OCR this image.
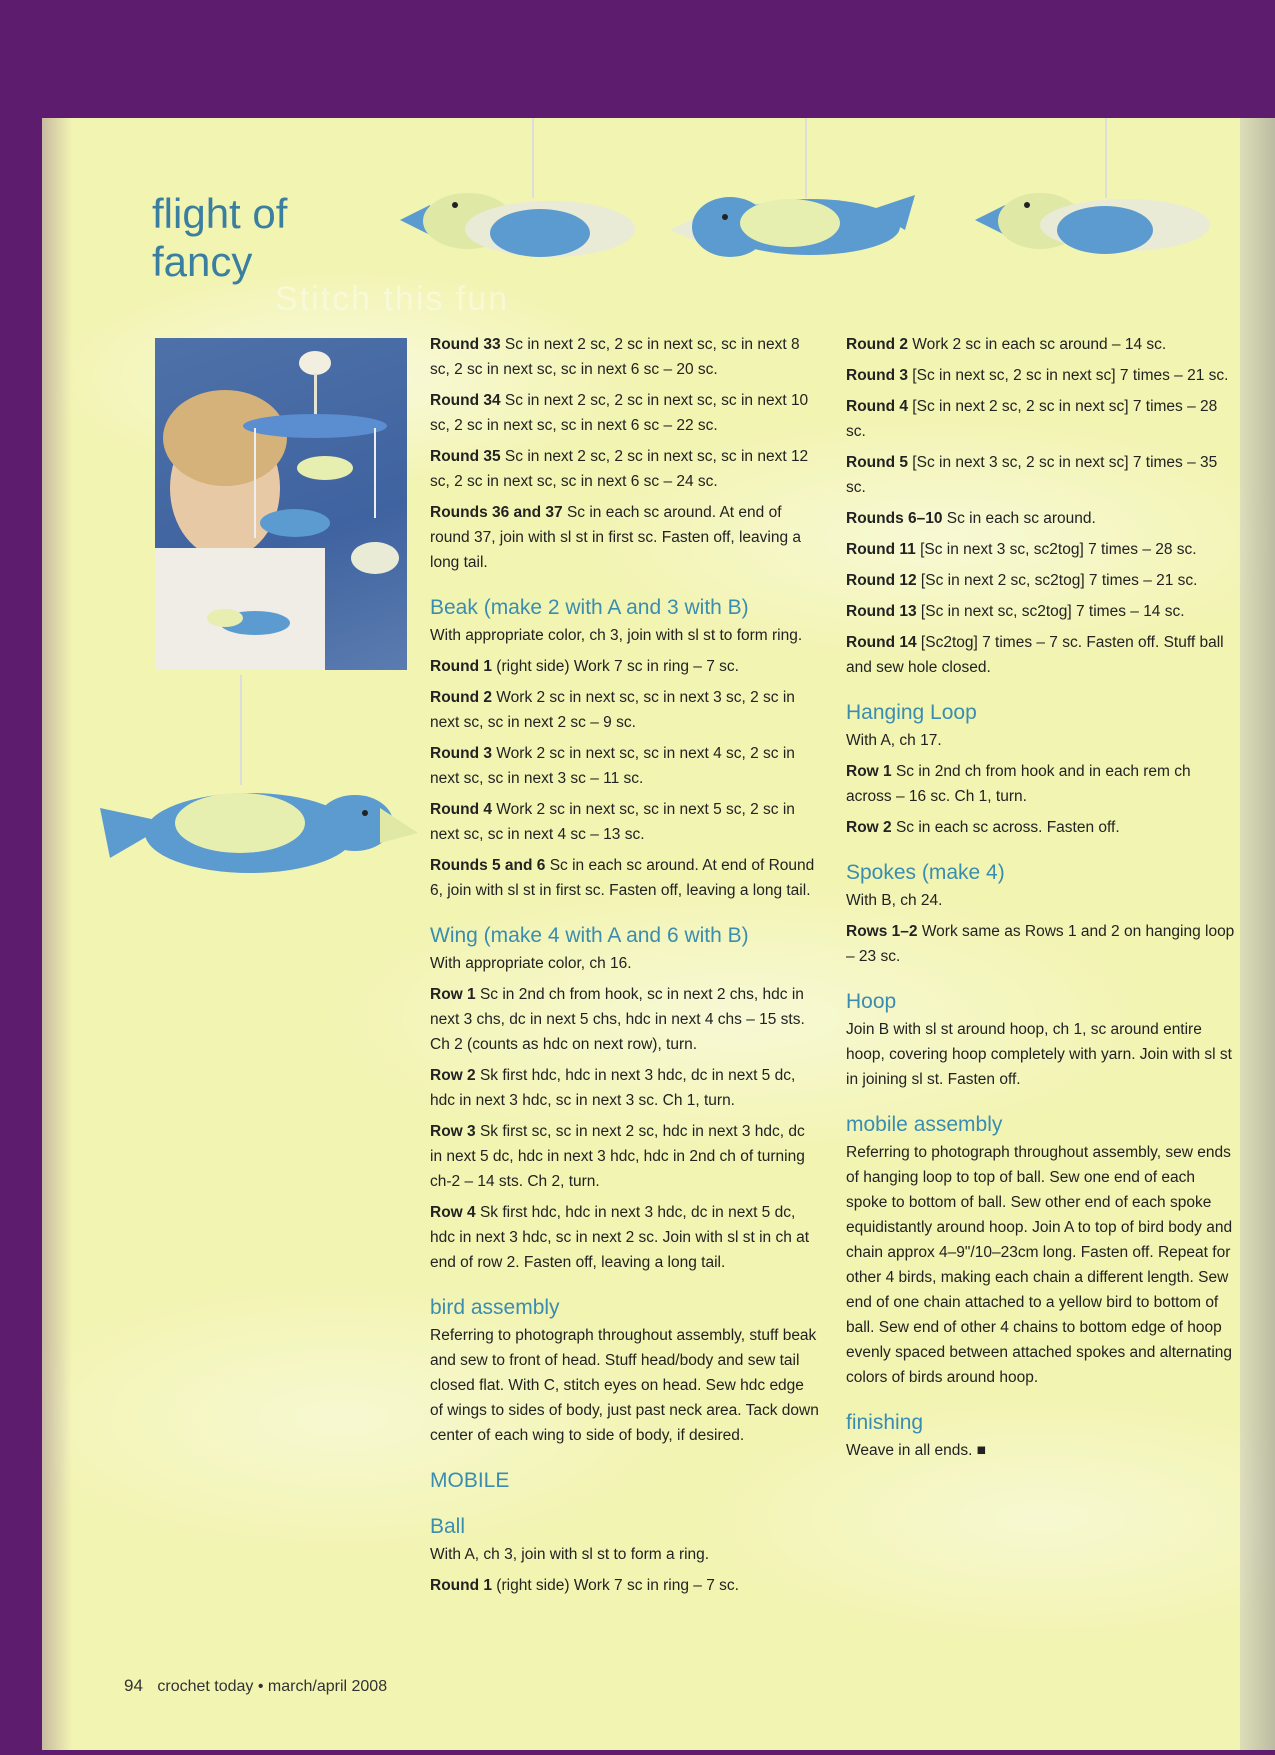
Stitch this fun
flight of
fancy

Round 33 Sc in next 2 sc, 2 sc in next sc, sc in next 8 sc, 2 sc in next sc, sc in next 6 sc – 20 sc.

Round 34 Sc in next 2 sc, 2 sc in next sc, sc in next 10 sc, 2 sc in next sc, sc in next 6 sc – 22 sc.

Round 35 Sc in next 2 sc, 2 sc in next sc, sc in next 12 sc, 2 sc in next sc, sc in next 6 sc – 24 sc.

Rounds 36 and 37 Sc in each sc around. At end of round 37, join with sl st in first sc. Fasten off, leaving a long tail.

Beak (make 2 with A and 3 with B)

With appropriate color, ch 3, join with sl st to form ring.

Round 1 (right side) Work 7 sc in ring – 7 sc.

Round 2 Work 2 sc in next sc, sc in next 3 sc, 2 sc in next sc, sc in next 2 sc – 9 sc.

Round 3 Work 2 sc in next sc, sc in next 4 sc, 2 sc in next sc, sc in next 3 sc – 11 sc.

Round 4 Work 2 sc in next sc, sc in next 5 sc, 2 sc in next sc, sc in next 4 sc – 13 sc.

Rounds 5 and 6 Sc in each sc around. At end of Round 6, join with sl st in first sc. Fasten off, leaving a long tail.

Wing (make 4 with A and 6 with B)

With appropriate color, ch 16.

Row 1 Sc in 2nd ch from hook, sc in next 2 chs, hdc in next 3 chs, dc in next 5 chs, hdc in next 4 chs – 15 sts. Ch 2 (counts as hdc on next row), turn.

Row 2 Sk first hdc, hdc in next 3 hdc, dc in next 5 dc, hdc in next 3 hdc, sc in next 3 sc. Ch 1, turn.

Row 3 Sk first sc, sc in next 2 sc, hdc in next 3 hdc, dc in next 5 dc, hdc in next 3 hdc, hdc in 2nd ch of turning ch-2 – 14 sts. Ch 2, turn.

Row 4 Sk first hdc, hdc in next 3 hdc, dc in next 5 dc, hdc in next 3 hdc, sc in next 2 sc. Join with sl st in ch at end of row 2. Fasten off, leaving a long tail.

bird assembly

Referring to photograph throughout assembly, stuff beak and sew to front of head. Stuff head/body and sew tail closed flat. With C, stitch eyes on head. Sew hdc edge of wings to sides of body, just past neck area. Tack down center of each wing to side of body, if desired.

MOBILE
Ball

With A, ch 3, join with sl st to form a ring.

Round 1 (right side) Work 7 sc in ring – 7 sc.

Round 2 Work 2 sc in each sc around – 14 sc.

Round 3 [Sc in next sc, 2 sc in next sc] 7 times – 21 sc.

Round 4 [Sc in next 2 sc, 2 sc in next sc] 7 times – 28 sc.

Round 5 [Sc in next 3 sc, 2 sc in next sc] 7 times – 35 sc.

Rounds 6–10 Sc in each sc around.

Round 11 [Sc in next 3 sc, sc2tog] 7 times – 28 sc.

Round 12 [Sc in next 2 sc, sc2tog] 7 times – 21 sc.

Round 13 [Sc in next sc, sc2tog] 7 times – 14 sc.

Round 14 [Sc2tog] 7 times – 7 sc. Fasten off. Stuff ball and sew hole closed.

Hanging Loop

With A, ch 17.

Row 1 Sc in 2nd ch from hook and in each rem ch across – 16 sc. Ch 1, turn.

Row 2 Sc in each sc across. Fasten off.

Spokes (make 4)

With B, ch 24.

Rows 1–2 Work same as Rows 1 and 2 on hanging loop – 23 sc.

Hoop

Join B with sl st around hoop, ch 1, sc around entire hoop, covering hoop completely with yarn. Join with sl st in joining sl st. Fasten off.

mobile assembly

Referring to photograph throughout assembly, sew ends of hanging loop to top of ball. Sew one end of each spoke to bottom of ball. Sew other end of each spoke equidistantly around hoop. Join A to top of bird body and chain approx 4–9"/10–23cm long. Fasten off. Repeat for other 4 birds, making each chain a different length. Sew end of one chain attached to a yellow bird to bottom of ball. Sew end of other 4 chains to bottom edge of hoop evenly spaced between attached spokes and alternating colors of birds around hoop.

finishing

Weave in all ends. ■

94 crochet today • march/april 2008
